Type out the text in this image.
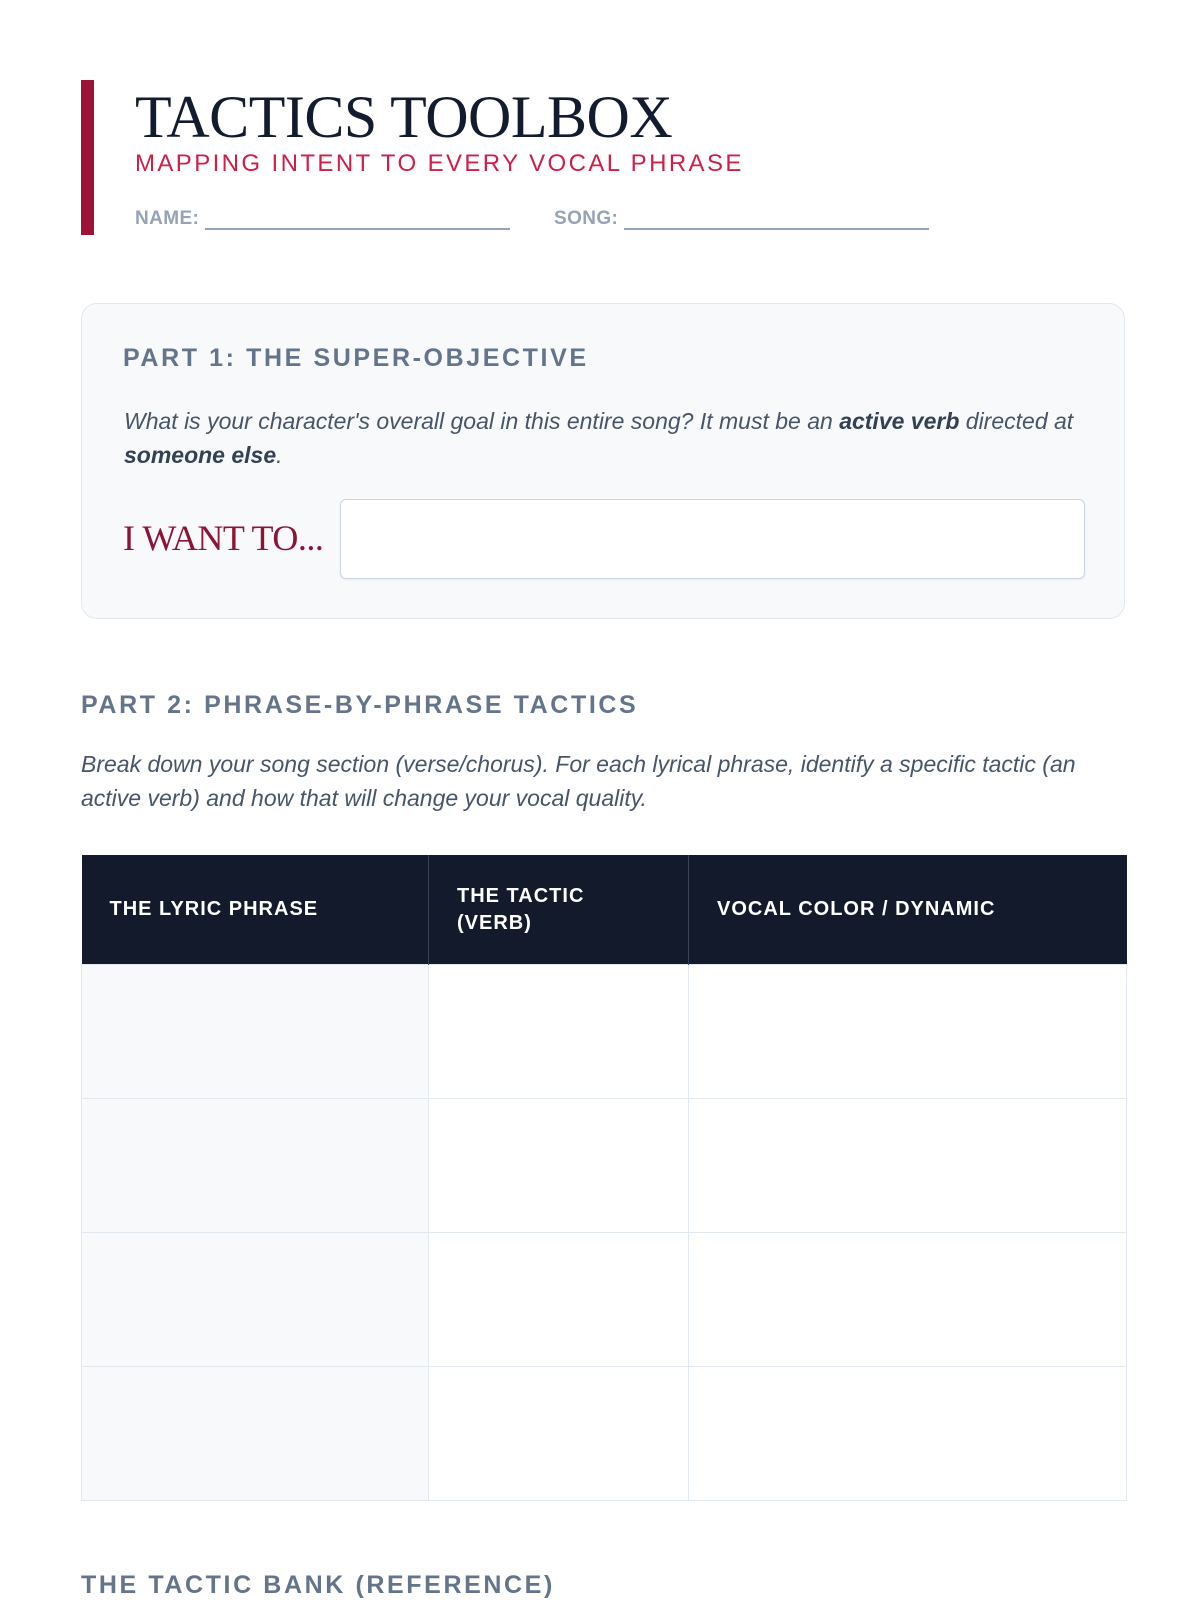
TACTICS TOOLBOX
MAPPING INTENT TO EVERY VOCAL PHRASE
NAME:	SONG:
PART 1: THE SUPER-OBJECTIVE

What is your character's overall goal in this entire song? It must be an active verb directed at someone else.

I WANT TO...
PART 2: PHRASE-BY-PHRASE TACTICS

Break down your song section (verse/chorus). For each lyrical phrase, identify a specific tactic (an active verb) and how that will change your vocal quality.

THE LYRIC PHRASE	THE TACTIC (VERB)	VOCAL COLOR / DYNAMIC

THE TACTIC BANK (REFERENCE)
